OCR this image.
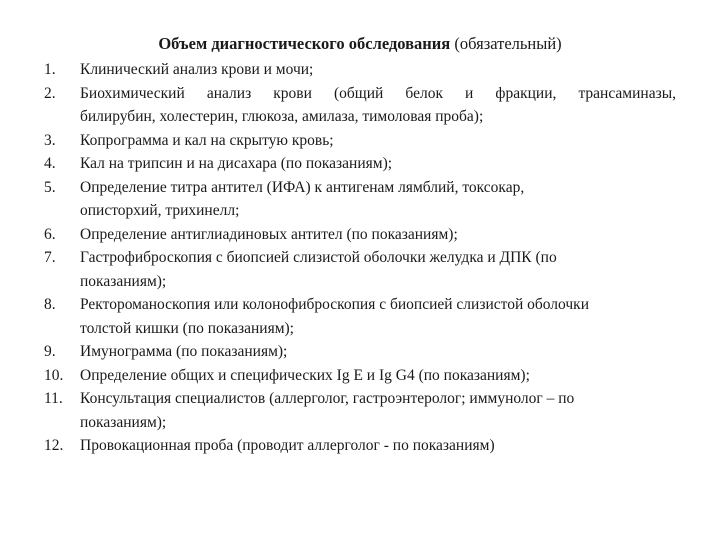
Объем диагностического обследования (обязательный)
1.	Клинический анализ крови и мочи;
2.	Биохимический анализ крови (общий белок и фракции, трансаминазы,
билирубин, холестерин, глюкоза, амилаза, тимоловая проба);
3.	Копрограмма и кал на скрытую кровь;
4.	Кал на трипсин и на дисахара (по показаниям);
5.	Определение титра антител (ИФА) к антигенам лямблий, токсокар,
описторхий, трихинелл;
6.	Определение антиглиадиновых антител (по показаниям);
7.	Гастрофиброскопия с биопсией слизистой оболочки желудка и ДПК (по
показаниям);
8.	Ректороманоскопия или колонофиброскопия с биопсией слизистой оболочки
толстой кишки (по показаниям);
9.	Имунограмма (по показаниям);
10.	Определение общих и специфических Ig E и Ig G4 (по показаниям);
11.	Консультация специалистов (аллерголог, гастроэнтеролог; иммунолог – по
показаниям);
12.	Провокационная проба (проводит аллерголог - по показаниям)
